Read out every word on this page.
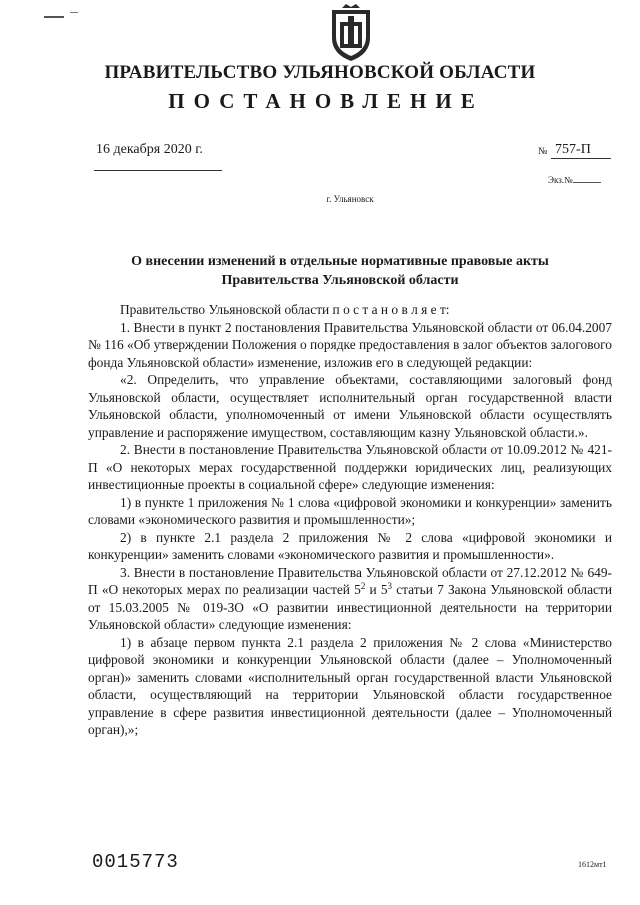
ПРАВИТЕЛЬСТВО УЛЬЯНОВСКОЙ ОБЛАСТИ
ПОСТАНОВЛЕНИЕ
16 декабря 2020 г.	№ 757-П
Экз.№
г. Ульяновск
О внесении изменений в отдельные нормативные правовые акты
Правительства Ульяновской области

Правительство Ульяновской области п о с т а н о в л я е т:

1. Внести в пункт 2 постановления Правительства Ульяновской области от 06.04.2007 № 116 «Об утверждении Положения о порядке предоставления в залог объектов залогового фонда Ульяновской области» изменение, изложив его в следующей редакции:

«2. Определить, что управление объектами, составляющими залоговый фонд Ульяновской области, осуществляет исполнительный орган государственной власти Ульяновской области, уполномоченный от имени Ульяновской области осуществлять управление и распоряжение имуществом, составляющим казну Ульяновской области.».

2. Внести в постановление Правительства Ульяновской области от 10.09.2012 № 421-П «О некоторых мерах государственной поддержки юридических лиц, реализующих инвестиционные проекты в социальной сфере» следующие изменения:

1) в пункте 1 приложения № 1 слова «цифровой экономики и конкуренции» заменить словами «экономического развития и промышленности»;

2) в пункте 2.1 раздела 2 приложения № 2 слова «цифровой экономики и конкуренции» заменить словами «экономического развития и промышленности».

3. Внести в постановление Правительства Ульяновской области от 27.12.2012 № 649-П «О некоторых мерах по реализации частей $5^2$ и $5^3$ статьи 7 Закона Ульяновской области от 15.03.2005 № 019-ЗО «О развитии инвестиционной деятельности на территории Ульяновской области» следующие изменения:

1) в абзаце первом пункта 2.1 раздела 2 приложения № 2 слова «Министерство цифровой экономики и конкуренции Ульяновской области (далее – Уполномоченный орган)» заменить словами «исполнительный орган государственной власти Ульяновской области, осуществляющий на территории Ульяновской области государственное управление в сфере развития инвестиционной деятельности (далее – Уполномоченный орган),»;

0015773	1612мт1
